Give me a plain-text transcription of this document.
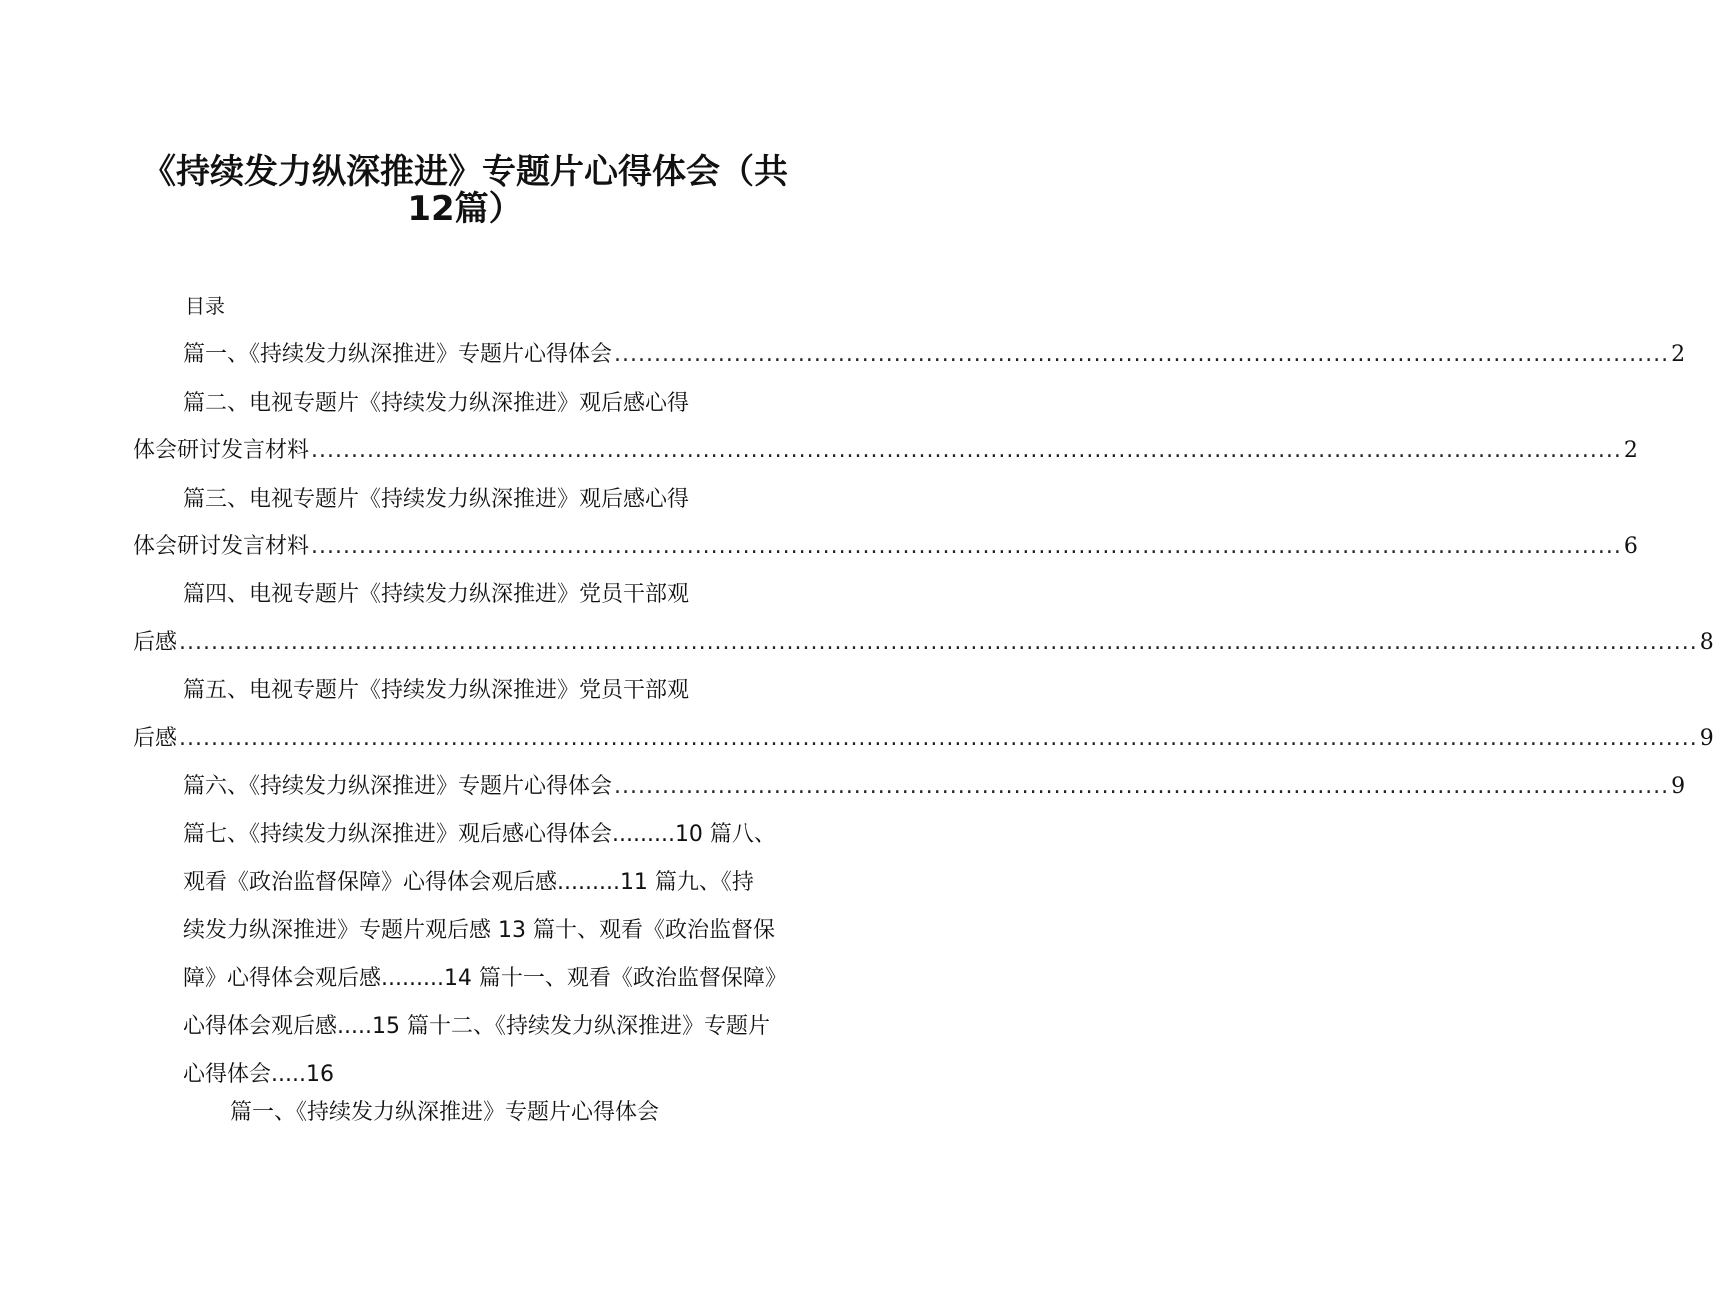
《持续发力纵深推进》专题片心得体会（共
12篇）
目录
篇一、《持续发力纵深推进》专题片心得体会 .................................................................................................................................... 2
篇二、电视专题片《持续发力纵深推进》观后感心得
体会研讨发言材料 .................................................................................................................................................................... 2
篇三、电视专题片《持续发力纵深推进》观后感心得
体会研讨发言材料 .................................................................................................................................................................... 6
篇四、电视专题片《持续发力纵深推进》党员干部观
后感 .............................................................................................................................................................................................. 8
篇五、电视专题片《持续发力纵深推进》党员干部观
后感 .............................................................................................................................................................................................. 9
篇六、《持续发力纵深推进》专题片心得体会 .................................................................................................................................... 9
篇七、《持续发力纵深推进》观后感心得体会.........10 篇八、
观看《政治监督保障》心得体会观后感.........11 篇九、《持
续发力纵深推进》专题片观后感 13 篇十、观看《政治监督保
障》心得体会观后感.........14 篇十一、观看《政治监督保障》
心得体会观后感.....15 篇十二、《持续发力纵深推进》专题片
心得体会.....16
篇一、《持续发力纵深推进》专题片心得体会
